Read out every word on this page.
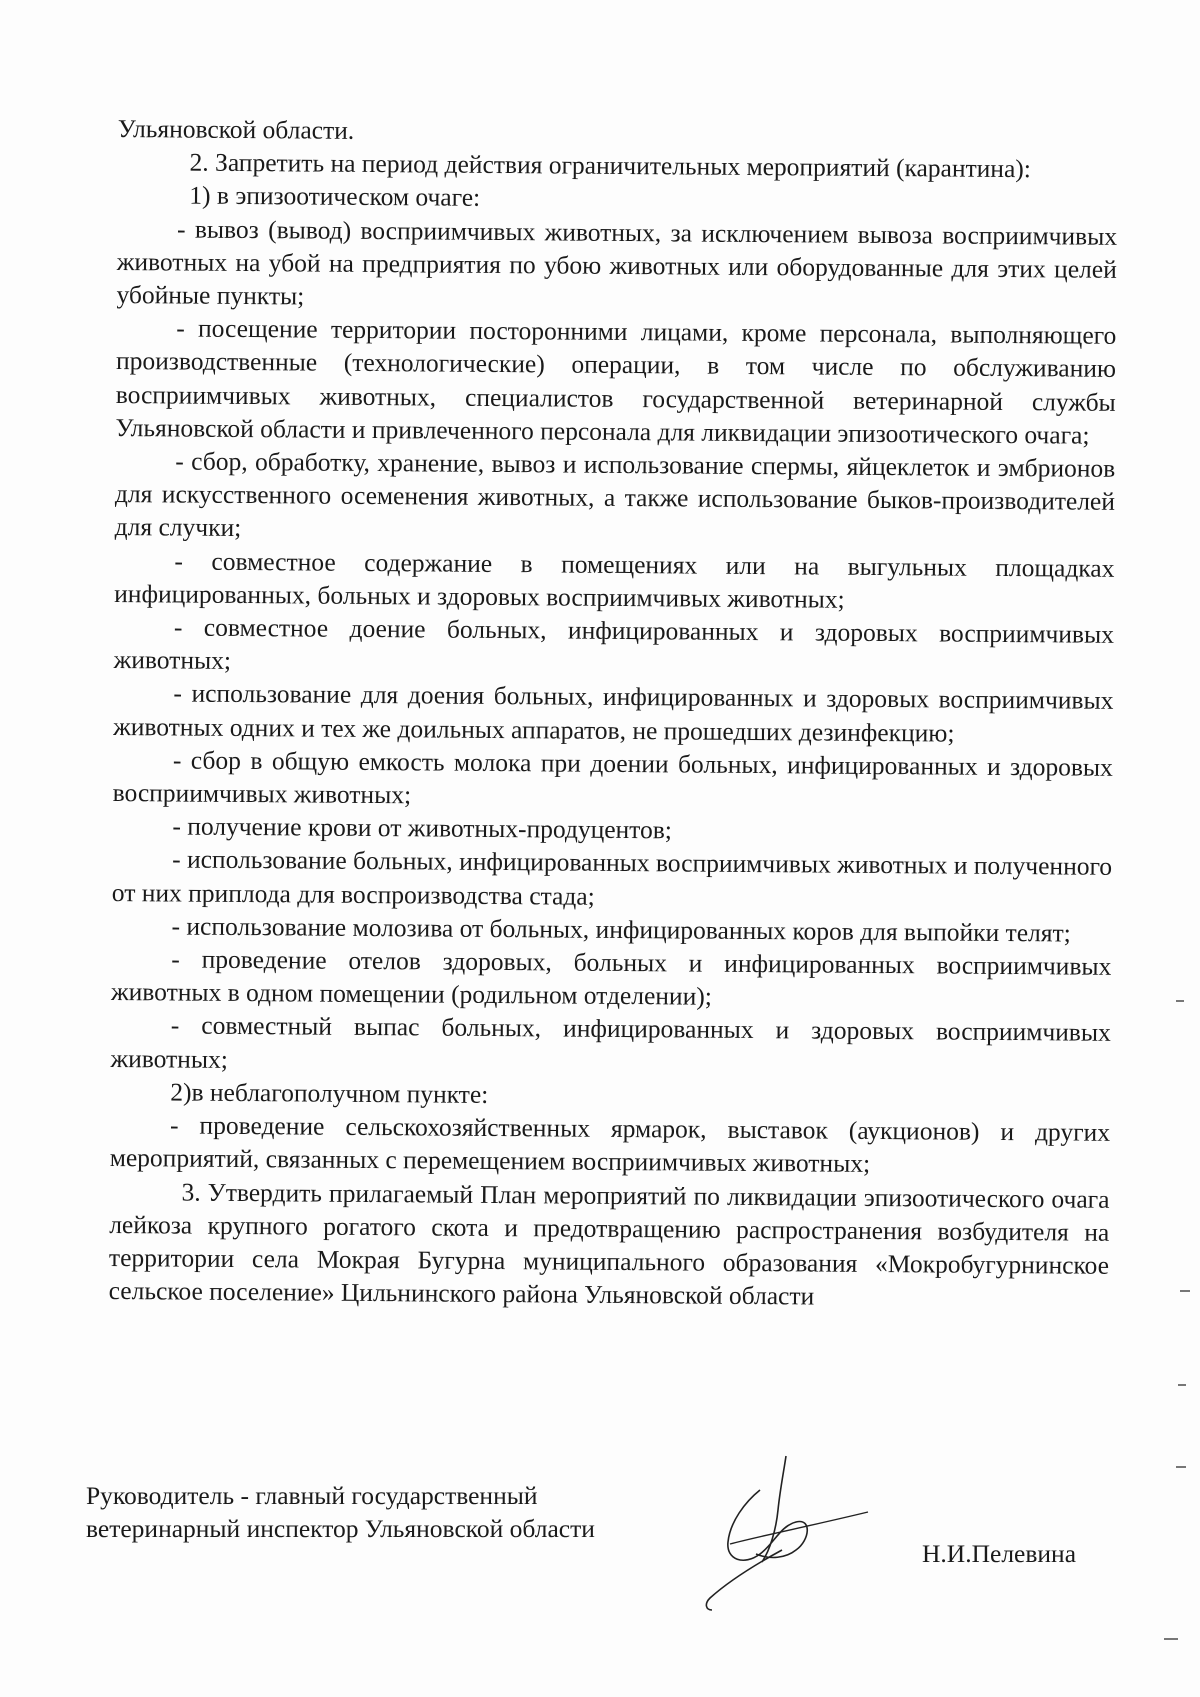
Ульяновской области.

2. Запретить на период действия ограничительных мероприятий (карантина):

1) в эпизоотическом очаге:

- вывоз (вывод) восприимчивых животных, за исключением вывоза восприимчивых животных на убой на предприятия по убою животных или оборудованные для этих целей убойные пункты;

- посещение территории посторонними лицами, кроме персонала, выполняющего производственные (технологические) операции, в том числе по обслуживанию восприимчивых животных, специалистов государственной ветеринарной службы Ульяновской области и привлеченного персонала для ликвидации эпизоотического очага;

- сбор, обработку, хранение, вывоз и использование спермы, яйцеклеток и эмбрионов для искусственного осеменения животных, а также использование быков-производителей для случки;

- совместное содержание в помещениях или на выгульных площадках инфицированных, больных и здоровых восприимчивых животных;

- совместное доение больных, инфицированных и здоровых восприимчивых животных;

- использование для доения больных, инфицированных и здоровых восприимчивых животных одних и тех же доильных аппаратов, не прошедших дезинфекцию;

- сбор в общую емкость молока при доении больных, инфицированных и здоровых восприимчивых животных;

- получение крови от животных-продуцентов;

- использование больных, инфицированных восприимчивых животных и полученного от них приплода для воспроизводства стада;

- использование молозива от больных, инфицированных коров для выпойки телят;

- проведение отелов здоровых, больных и инфицированных восприимчивых животных в одном помещении (родильном отделении);

- совместный выпас больных, инфицированных и здоровых восприимчивых животных;

2)в неблагополучном пункте:

- проведение сельскохозяйственных ярмарок, выставок (аукционов) и других мероприятий, связанных с перемещением восприимчивых животных;

3. Утвердить прилагаемый План мероприятий по ликвидации эпизоотического очага лейкоза крупного рогатого скота и предотвращению распространения возбудителя на территории села Мокрая Бугурна муниципального образования «Мокробугурнинское сельское поселение» Цильнинского района Ульяновской области

Руководитель - главный государственный
ветеринарный инспектор Ульяновской области
Н.И.Пелевина
